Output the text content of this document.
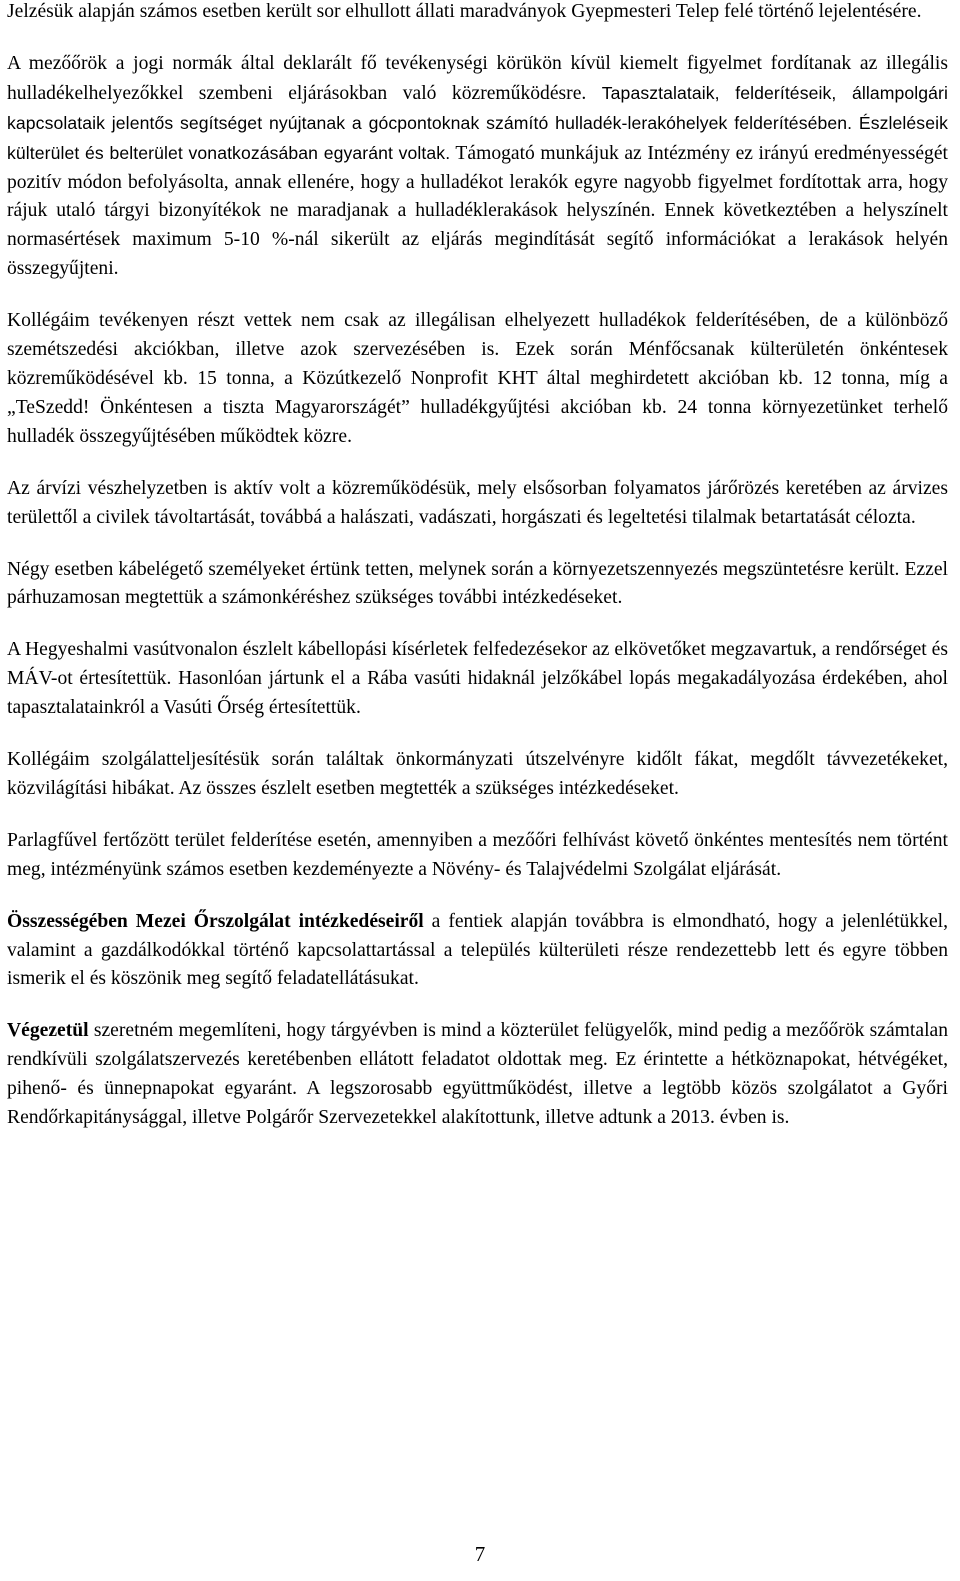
Jelzésük alapján számos esetben került sor elhullott állati maradványok Gyepmesteri Telep felé történő lejelentésére.

A mezőőrök a jogi normák által deklarált fő tevékenységi körükön kívül kiemelt figyelmet fordítanak az illegális hulladékelhelyezőkkel szembeni eljárásokban való közreműködésre. Tapasztalataik, felderítéseik, állampolgári kapcsolataik jelentős segítséget nyújtanak a gócpontoknak számító hulladék-lerakóhelyek felderítésében. Észleléseik külterület és belterület vonatkozásában egyaránt voltak. Támogató munkájuk az Intézmény ez irányú eredményességét pozitív módon befolyásolta, annak ellenére, hogy a hulladékot lerakók egyre nagyobb figyelmet fordítottak arra, hogy rájuk utaló tárgyi bizonyítékok ne maradjanak a hulladéklerakások helyszínén. Ennek következtében a helyszínelt normasértések maximum 5-10 %-nál sikerült az eljárás megindítását segítő információkat a lerakások helyén összegyűjteni.

Kollégáim tevékenyen részt vettek nem csak az illegálisan elhelyezett hulladékok felderítésében, de a különböző szemétszedési akciókban, illetve azok szervezésében is. Ezek során Ménfőcsanak külterületén önkéntesek közreműködésével kb. 15 tonna, a Közútkezelő Nonprofit KHT által meghirdetett akcióban kb. 12 tonna, míg a „TeSzedd! Önkéntesen a tiszta Magyarországét” hulladékgyűjtési akcióban kb. 24 tonna környezetünket terhelő hulladék összegyűjtésében működtek közre.

Az árvízi vészhelyzetben is aktív volt a közreműködésük, mely elsősorban folyamatos járőrözés keretében az árvizes területtől a civilek távoltartását, továbbá a halászati, vadászati, horgászati és legeltetési tilalmak betartatását célozta.

Négy esetben kábelégető személyeket értünk tetten, melynek során a környezetszennyezés megszüntetésre került. Ezzel párhuzamosan megtettük a számonkéréshez szükséges további intézkedéseket.

A Hegyeshalmi vasútvonalon észlelt kábellopási kísérletek felfedezésekor az elkövetőket megzavartuk, a rendőrséget és MÁV-ot értesítettük. Hasonlóan jártunk el a Rába vasúti hidaknál jelzőkábel lopás megakadályozása érdekében, ahol tapasztalatainkról a Vasúti Őrség értesítettük.

Kollégáim szolgálatteljesítésük során találtak önkormányzati útszelvényre kidőlt fákat, megdőlt távvezetékeket, közvilágítási hibákat. Az összes észlelt esetben megtették a szükséges intézkedéseket.

Parlagfűvel fertőzött terület felderítése esetén, amennyiben a mezőőri felhívást követő önkéntes mentesítés nem történt meg, intézményünk számos esetben kezdeményezte a Növény- és Talajvédelmi Szolgálat eljárását.

Összességében Mezei Őrszolgálat intézkedéseiről a fentiek alapján továbbra is elmondható, hogy a jelenlétükkel, valamint a gazdálkodókkal történő kapcsolattartással a település külterületi része rendezettebb lett és egyre többen ismerik el és köszönik meg segítő feladatellátásukat.

Végezetül szeretném megemlíteni, hogy tárgyévben is mind a közterület felügyelők, mind pedig a mezőőrök számtalan rendkívüli szolgálatszervezés keretébenben ellátott feladatot oldottak meg. Ez érintette a hétköznapokat, hétvégéket, pihenő- és ünnepnapokat egyaránt. A legszorosabb együttműködést, illetve a legtöbb közös szolgálatot a Győri Rendőrkapitánysággal, illetve Polgárőr Szervezetekkel alakítottunk, illetve adtunk a 2013. évben is.

7
